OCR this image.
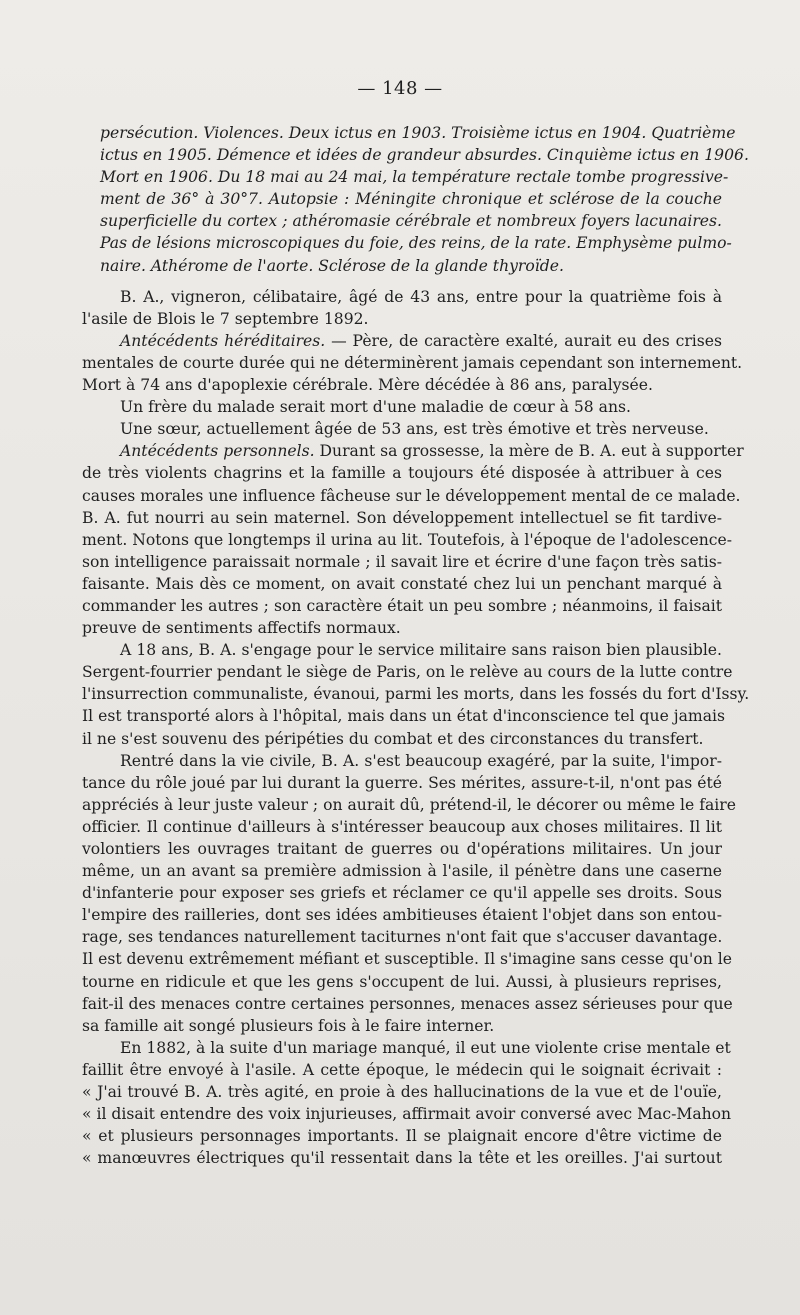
— 148 —
persécution. Violences. Deux ictus en 1903. Troisième ictus en 1904. Quatrième
ictus en 1905. Démence et idées de grandeur absurdes. Cinquième ictus en 1906.
Mort en 1906. Du 18 mai au 24 mai, la température rectale tombe progressive-
ment de 36° à 30°7. Autopsie : Méningite chronique et sclérose de la couche
superficielle du cortex ; athéromasie cérébrale et nombreux foyers lacunaires.
Pas de lésions microscopiques du foie, des reins, de la rate. Emphysème pulmo-
naire. Athérome de l'aorte. Sclérose de la glande thyroïde.
B. A., vigneron, célibataire, âgé de 43 ans, entre pour la quatrième fois à
l'asile de Blois le 7 septembre 1892.
Antécédents héréditaires. — Père, de caractère exalté, aurait eu des crises
mentales de courte durée qui ne déterminèrent jamais cependant son internement.
Mort à 74 ans d'apoplexie cérébrale. Mère décédée à 86 ans, paralysée.
Un frère du malade serait mort d'une maladie de cœur à 58 ans.
Une sœur, actuellement âgée de 53 ans, est très émotive et très nerveuse.
Antécédents personnels. Durant sa grossesse, la mère de B. A. eut à supporter
de très violents chagrins et la famille a toujours été disposée à attribuer à ces
causes morales une influence fâcheuse sur le développement mental de ce malade.
B. A. fut nourri au sein maternel. Son développement intellectuel se fit tardive-
ment. Notons que longtemps il urina au lit. Toutefois, à l'époque de l'adolescence-
son intelligence paraissait normale ; il savait lire et écrire d'une façon très satis-
faisante. Mais dès ce moment, on avait constaté chez lui un penchant marqué à
commander les autres ; son caractère était un peu sombre ; néanmoins, il faisait
preuve de sentiments affectifs normaux.
A 18 ans, B. A. s'engage pour le service militaire sans raison bien plausible.
Sergent-fourrier pendant le siège de Paris, on le relève au cours de la lutte contre
l'insurrection communaliste, évanoui, parmi les morts, dans les fossés du fort d'Issy.
Il est transporté alors à l'hôpital, mais dans un état d'inconscience tel que jamais
il ne s'est souvenu des péripéties du combat et des circonstances du transfert.
Rentré dans la vie civile, B. A. s'est beaucoup exagéré, par la suite, l'impor-
tance du rôle joué par lui durant la guerre. Ses mérites, assure-t-il, n'ont pas été
appréciés à leur juste valeur ; on aurait dû, prétend-il, le décorer ou même le faire
officier. Il continue d'ailleurs à s'intéresser beaucoup aux choses militaires. Il lit
volontiers les ouvrages traitant de guerres ou d'opérations militaires. Un jour
même, un an avant sa première admission à l'asile, il pénètre dans une caserne
d'infanterie pour exposer ses griefs et réclamer ce qu'il appelle ses droits. Sous
l'empire des railleries, dont ses idées ambitieuses étaient l'objet dans son entou-
rage, ses tendances naturellement taciturnes n'ont fait que s'accuser davantage.
Il est devenu extrêmement méfiant et susceptible. Il s'imagine sans cesse qu'on le
tourne en ridicule et que les gens s'occupent de lui. Aussi, à plusieurs reprises,
fait-il des menaces contre certaines personnes, menaces assez sérieuses pour que
sa famille ait songé plusieurs fois à le faire interner.
En 1882, à la suite d'un mariage manqué, il eut une violente crise mentale et
faillit être envoyé à l'asile. A cette époque, le médecin qui le soignait écrivait :
« J'ai trouvé B. A. très agité, en proie à des hallucinations de la vue et de l'ouïe,
« il disait entendre des voix injurieuses, affirmait avoir conversé avec Mac-Mahon
« et plusieurs personnages importants. Il se plaignait encore d'être victime de
« manœuvres électriques qu'il ressentait dans la tête et les oreilles. J'ai surtout
